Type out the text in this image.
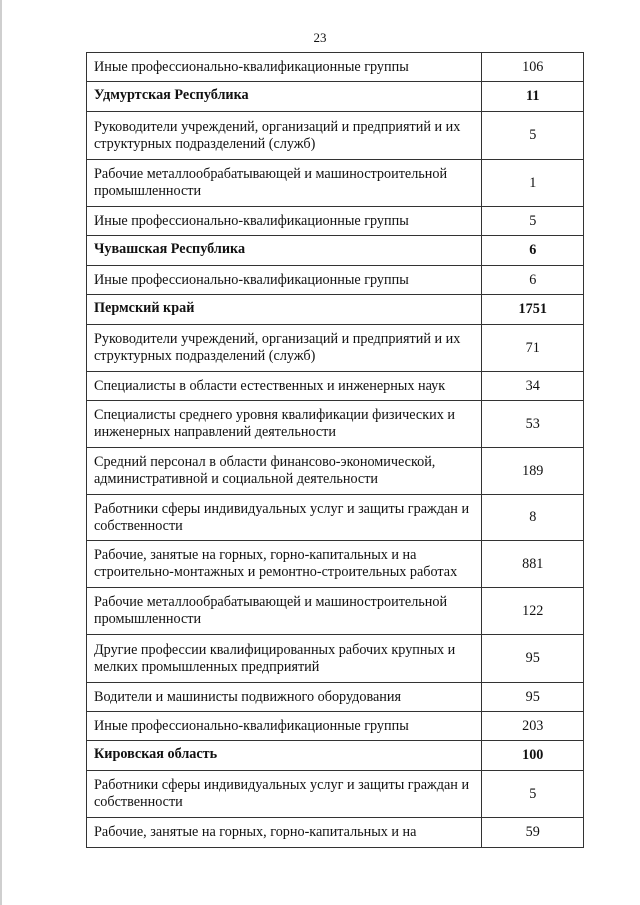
23
Иные профессионально-квалификационные группы	106
Удмуртская Республика	11
Руководители учреждений, организаций и предприятий и их структурных подразделений (служб)	5
Рабочие металлообрабатывающей и машиностроительной промышленности	1
Иные профессионально-квалификационные группы	5
Чувашская Республика	6
Иные профессионально-квалификационные группы	6
Пермский край	1751
Руководители учреждений, организаций и предприятий и их структурных подразделений (служб)	71
Специалисты в области естественных и инженерных наук	34
Специалисты среднего уровня квалификации физических и инженерных направлений деятельности	53
Средний персонал в области финансово-экономической, административной и социальной деятельности	189
Работники сферы индивидуальных услуг и защиты граждан и собственности	8
Рабочие, занятые на горных, горно-капитальных и на строительно-монтажных и ремонтно-строительных работах	881
Рабочие металлообрабатывающей и машиностроительной промышленности	122
Другие профессии квалифицированных рабочих крупных и мелких промышленных предприятий	95
Водители и машинисты подвижного оборудования	95
Иные профессионально-квалификационные группы	203
Кировская область	100
Работники сферы индивидуальных услуг и защиты граждан и собственности	5
Рабочие, занятые на горных, горно-капитальных и на	59
